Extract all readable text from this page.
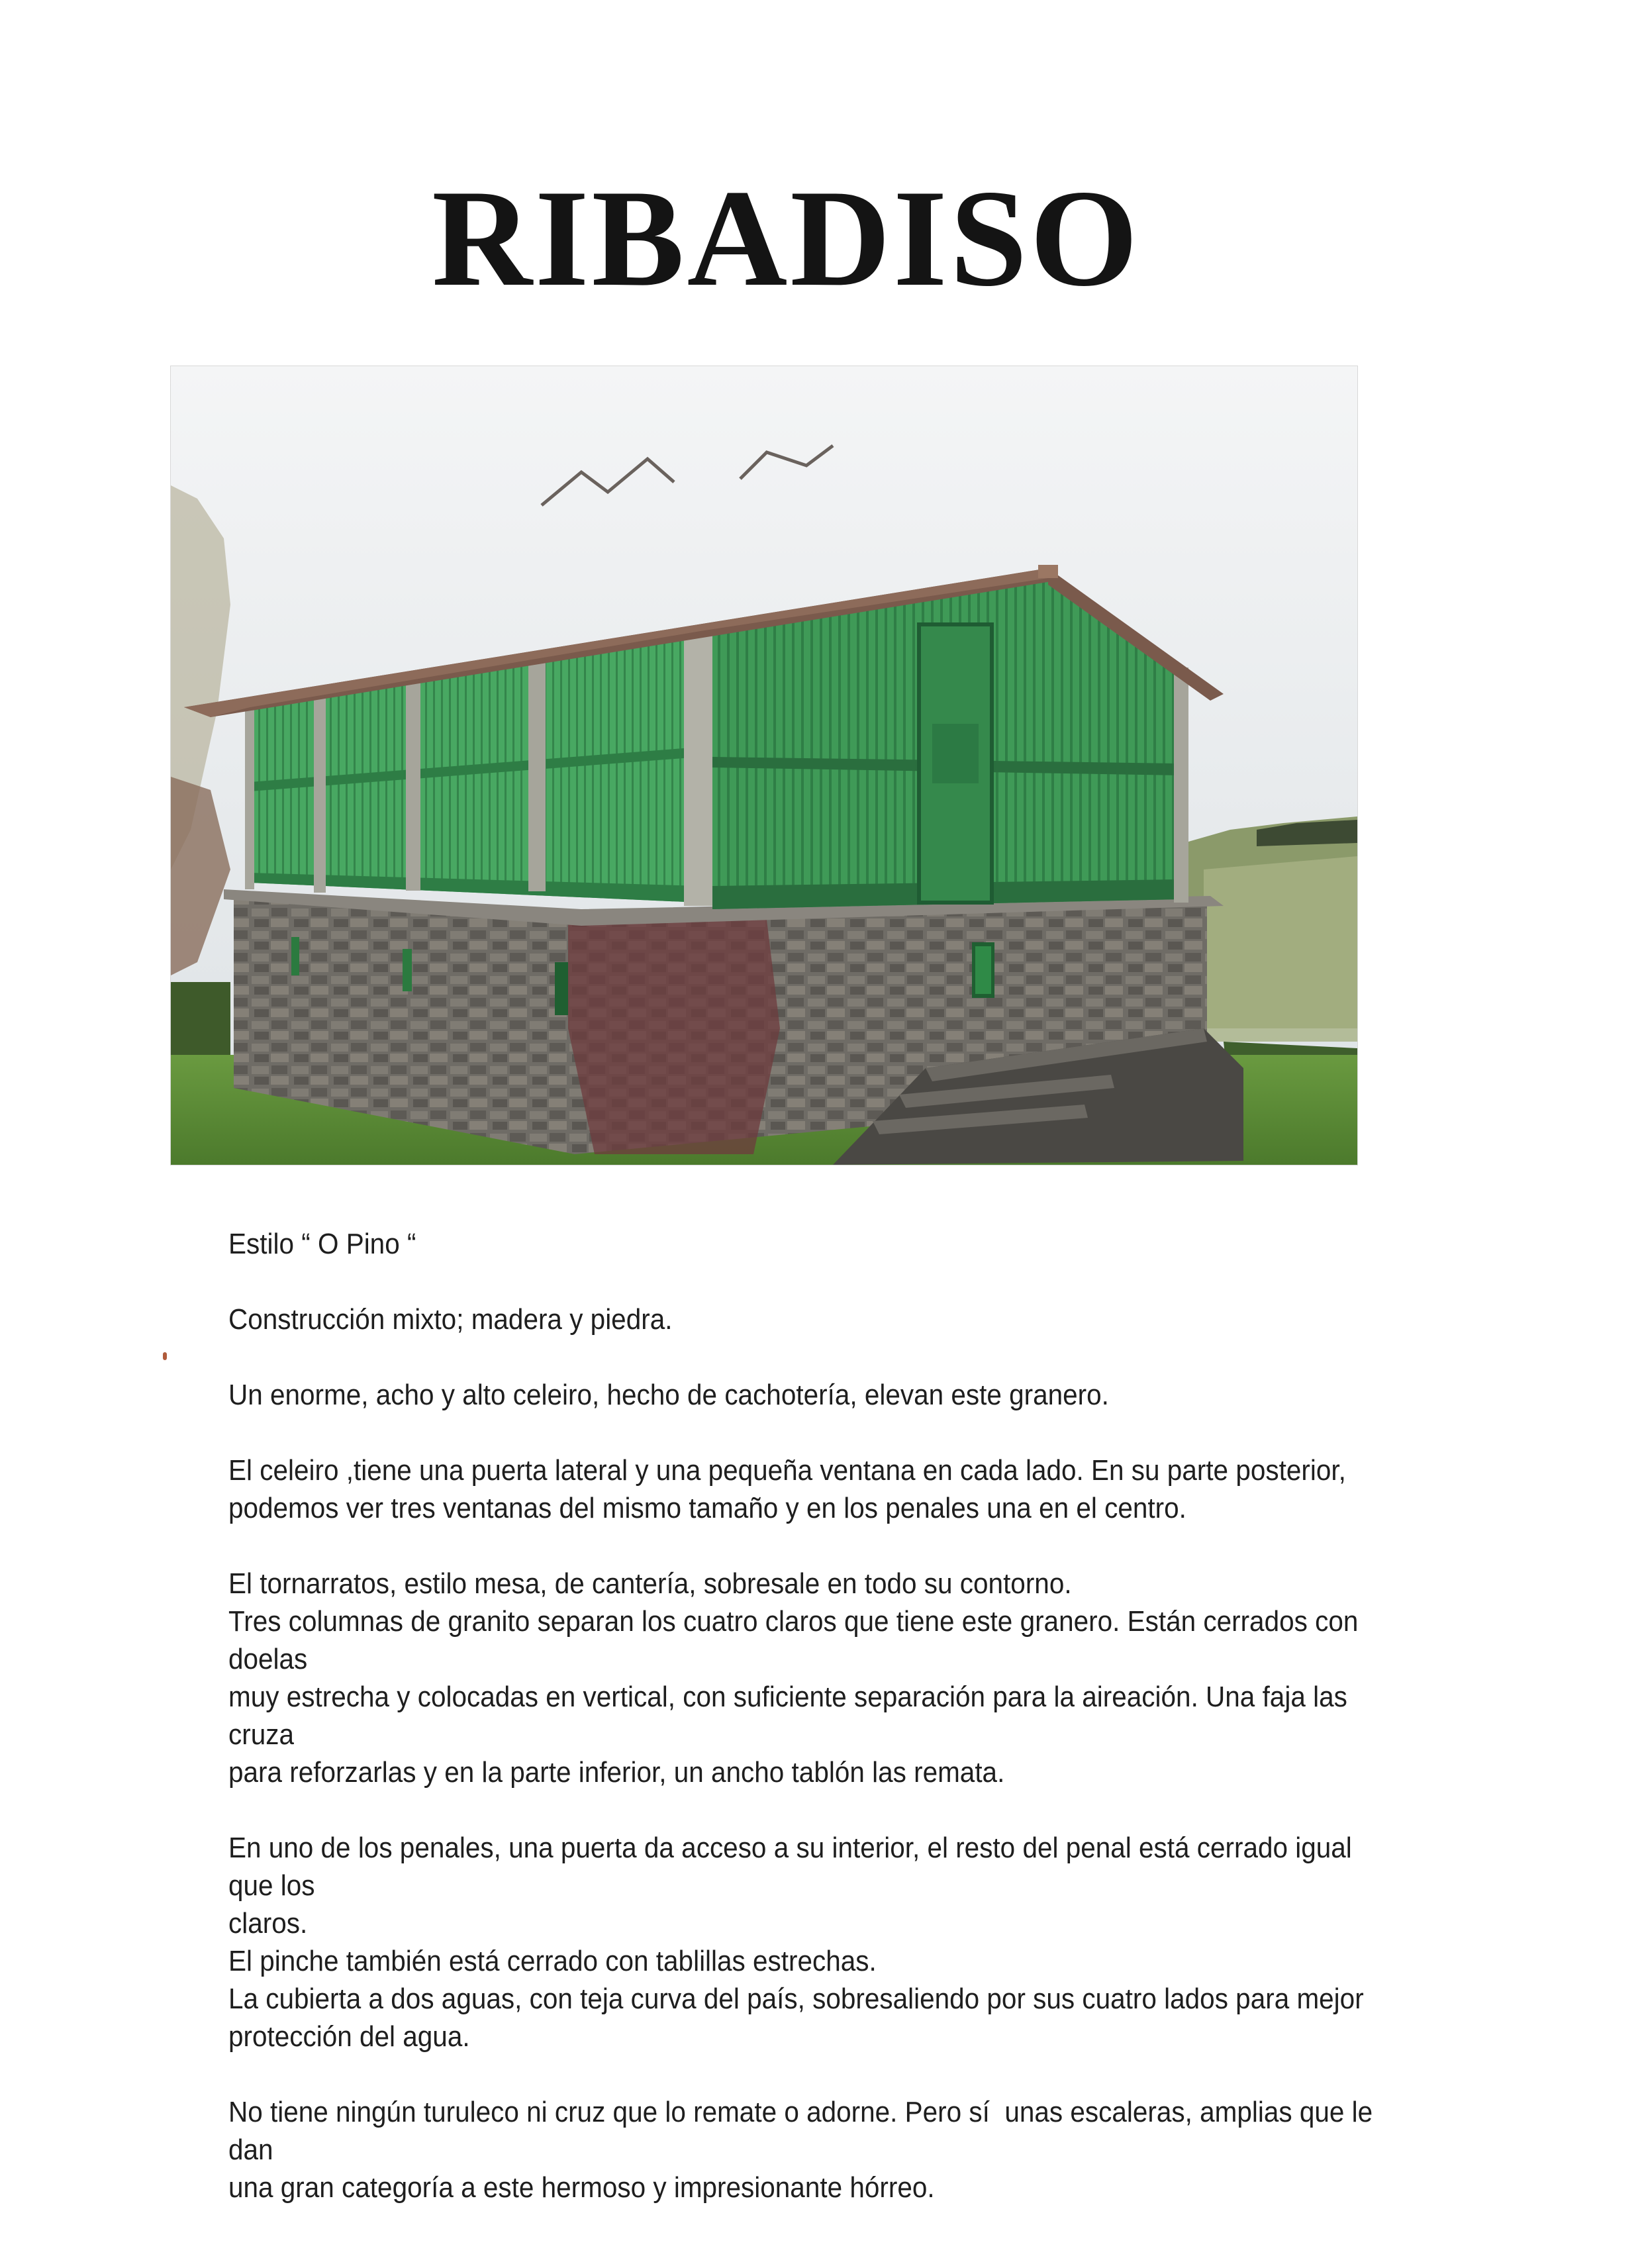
RIBADISO

Estilo “ O Pino “

Construcción mixto; madera y piedra.

Un enorme, acho y alto celeiro, hecho de cachotería, elevan este granero.

El celeiro ,tiene una puerta lateral y una pequeña ventana en cada lado. En su parte posterior,

podemos ver tres ventanas del mismo tamaño y en los penales una en el centro.

El tornarratos, estilo mesa, de cantería, sobresale en todo su contorno.

Tres columnas de granito separan los cuatro claros que tiene este granero. Están cerrados con doelas

muy estrecha y colocadas en vertical, con suficiente separación para la aireación. Una faja las cruza

para reforzarlas y en la parte inferior, un ancho tablón las remata.

En uno de los penales, una puerta da acceso a su interior, el resto del penal está cerrado igual que los

claros.

El pinche también está cerrado con tablillas estrechas.

La cubierta a dos aguas, con teja curva del país, sobresaliendo por sus cuatro lados para mejor

protección del agua.

No tiene ningún turuleco ni cruz que lo remate o adorne. Pero sí  unas escaleras, amplias que le dan

una gran categoría a este hermoso y impresionante hórreo.
